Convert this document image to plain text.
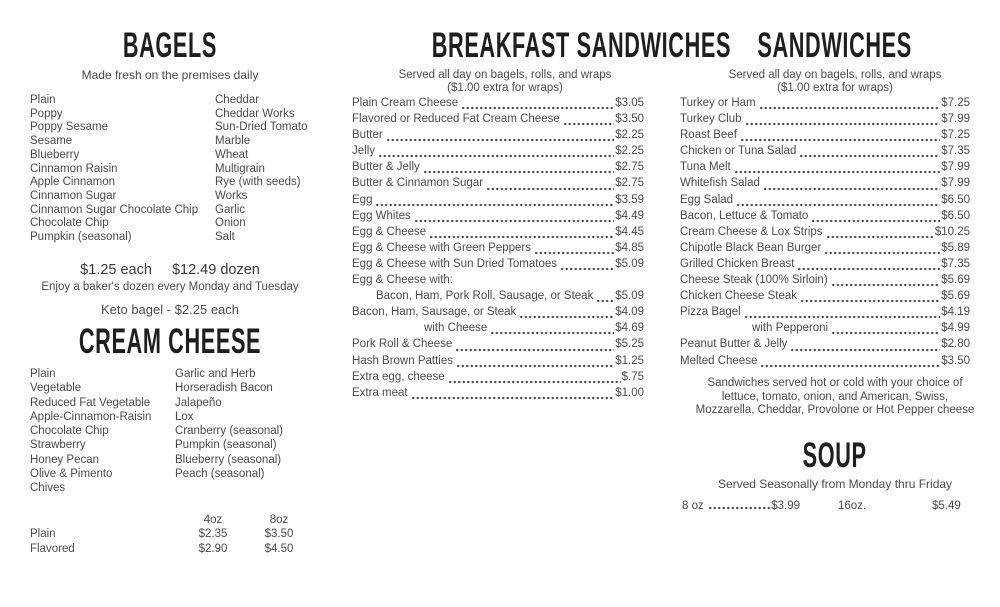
BAGELS
Made fresh on the premises daily
Plain
Poppy
Poppy Sesame
Sesame
Blueberry
Cinnamon Raisin
Apple Cinnamon
Cinnamon Sugar
Cinnamon Sugar Chocolate Chip
Chocolate Chip
Pumpkin (seasonal)
Cheddar
Cheddar Works
Sun-Dried Tomato
Marble
Wheat
Multigrain
Rye (with seeds)
Works
Garlic
Onion
Salt
$1.25 each $12.49 dozen
Enjoy a baker's dozen every Monday and Tuesday
Keto bagel - $2.25 each
CREAM CHEESE
Plain
Vegetable
Reduced Fat Vegetable
Apple-Cinnamon-Raisin
Chocolate Chip
Strawberry
Honey Pecan
Olive & Pimento
Chives
Garlic and Herb
Horseradish Bacon
Jalapeño
Lox
Cranberry (seasonal)
Pumpkin (seasonal)
Blueberry (seasonal)
Peach (seasonal)
4oz	8oz
Plain	$2.35	$3.50
Flavored	$2.90	$4.50
BREAKFAST SANDWICHES
Served all day on bagels, rolls, and wraps
($1.00 extra for wraps)
Plain Cream Cheese	$3.05
Flavored or Reduced Fat Cream Cheese	$3.50
Butter	$2.25
Jelly	$2.25
Butter & Jelly	$2.75
Butter & Cinnamon Sugar	$2.75
Egg	$3.59
Egg Whites	$4.49
Egg & Cheese	$4.45
Egg & Cheese with Green Peppers	$4.85
Egg & Cheese with Sun Dried Tomatoes	$5.09
Egg & Cheese with:
Bacon, Ham, Pork Roll, Sausage, or Steak $5.09
Bacon, Ham, Sausage, or Steak	$4.09
with Cheese	$4.69
Pork Roll & Cheese	$5.25
Hash Brown Patties	$1.25
Extra egg, cheese	$.75
Extra meat	$1.00
SANDWICHES
Served all day on bagels, rolls, and wraps
($1.00 extra for wraps)
Turkey or Ham	$7.25
Turkey Club	$7.99
Roast Beef	$7.25
Chicken or Tuna Salad	$7.35
Tuna Melt	$7.99
Whitefish Salad	$7.99
Egg Salad	$6.50
Bacon, Lettuce & Tomato	$6.50
Cream Cheese & Lox Strips	$10.25
Chipotle Black Bean Burger	$5.89
Grilled Chicken Breast	$7.35
Cheese Steak (100% Sirloin)	$5.69
Chicken Cheese Steak	$5.69
Pizza Bagel	$4.19
with Pepperoni	$4.99
Peanut Butter & Jelly	$2.80
Melted Cheese	$3.50
Sandwiches served hot or cold with your choice of
lettuce, tomato, onion, and American, Swiss,
Mozzarella, Cheddar, Provolone or Hot Pepper cheese
SOUP
Served Seasonally from Monday thru Friday
8 oz	$3.99	16oz.	$5.49
